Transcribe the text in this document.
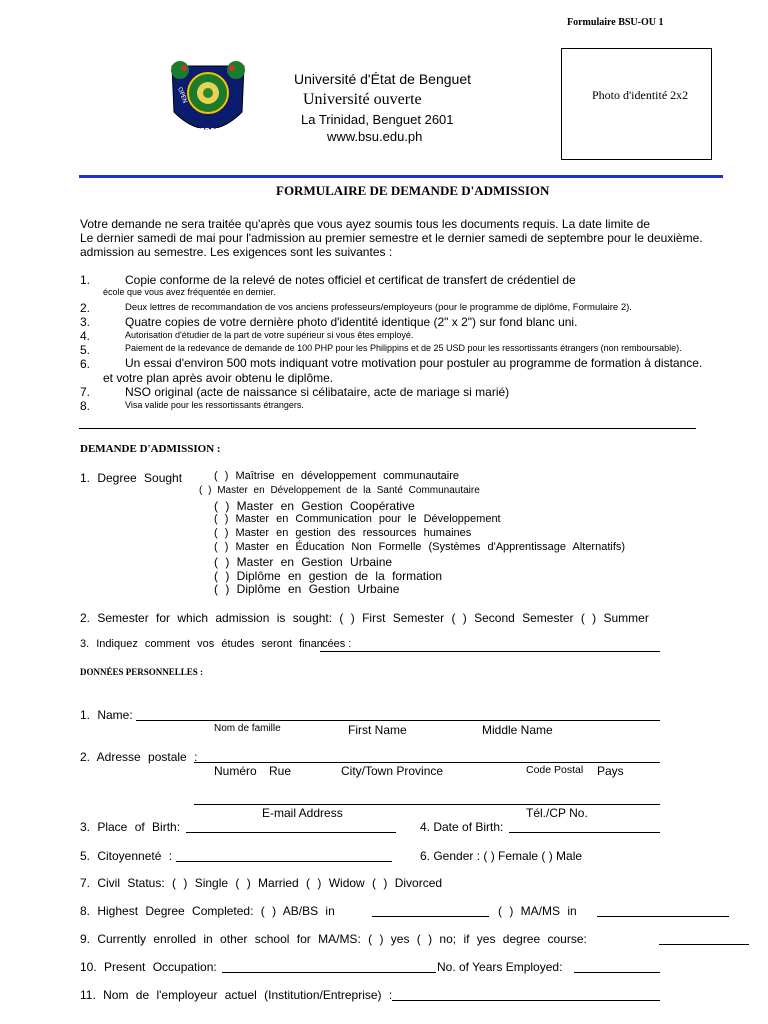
Formulaire BSU-OU 1
OPEN
UNIVERSITY
Université d'État de Benguet
Université ouverte
La Trinidad, Benguet 2601
www.bsu.edu.ph
Photo d'identité 2x2
FORMULAIRE DE DEMANDE D'ADMISSION
Votre demande ne sera traitée qu'après que vous ayez soumis tous les documents requis. La date limite de
Le dernier samedi de mai pour l'admission au premier semestre et le dernier samedi de septembre pour le deuxième.
admission au semestre. Les exigences sont les suivantes :
1.	Copie conforme de la relevé de notes officiel et certificat de transfert de crédentiel de
école que vous avez fréquentée en dernier.
2.	Deux lettres de recommandation de vos anciens professeurs/employeurs (pour le programme de diplôme, Formulaire 2).
3.	Quatre copies de votre dernière photo d'identité identique (2" x 2") sur fond blanc uni.
4.	Autorisation d'étudier de la part de votre supérieur si vous êtes employé.
5.	Paiement de la redevance de demande de 100 PHP pour les Philippins et de 25 USD pour les ressortissants étrangers (non remboursable).
6.	Un essai d'environ 500 mots indiquant votre motivation pour postuler au programme de formation à distance.
et votre plan après avoir obtenu le diplôme.
7.	NSO original (acte de naissance si célibataire, acte de mariage si marié)
8.	Visa valide pour les ressortissants étrangers.
DEMANDE D'ADMISSION :
1. Degree Sought	( ) Maîtrise en développement communautaire
( ) Master en Développement de la Santé Communautaire
( ) Master en Gestion Coopérative
( ) Master en Communication pour le Développement
( ) Master en gestion des ressources humaines
( ) Master en Éducation Non Formelle (Systèmes d'Apprentissage Alternatifs)
( ) Master en Gestion Urbaine
( ) Diplôme en gestion de la formation
( ) Diplôme en Gestion Urbaine
2. Semester for which admission is sought: ( ) First Semester ( ) Second Semester ( ) Summer
3. Indiquez comment vos études seront finan cées :
DONNÉES PERSONNELLES :
1. Name:
Nom de famille	First Name	Middle Name
2. Adresse postale :
Numéro Rue	City/Town Province	Code Postal Pays
E-mail Address	Tél./CP No.
3. Place of Birth:	4. Date of Birth:
5. Citoyenneté :	6. Gender : ( ) Female ( ) Male
7. Civil Status: ( ) Single ( ) Married ( ) Widow ( ) Divorced
8. Highest Degree Completed: ( ) AB/BS in	( ) MA/MS in
9. Currently enrolled in other school for MA/MS: ( ) yes ( ) no; if yes degree course:
10. Present Occupation:	No. of Years Employed:
11. Nom de l'employeur actuel (Institution/Entreprise) :
